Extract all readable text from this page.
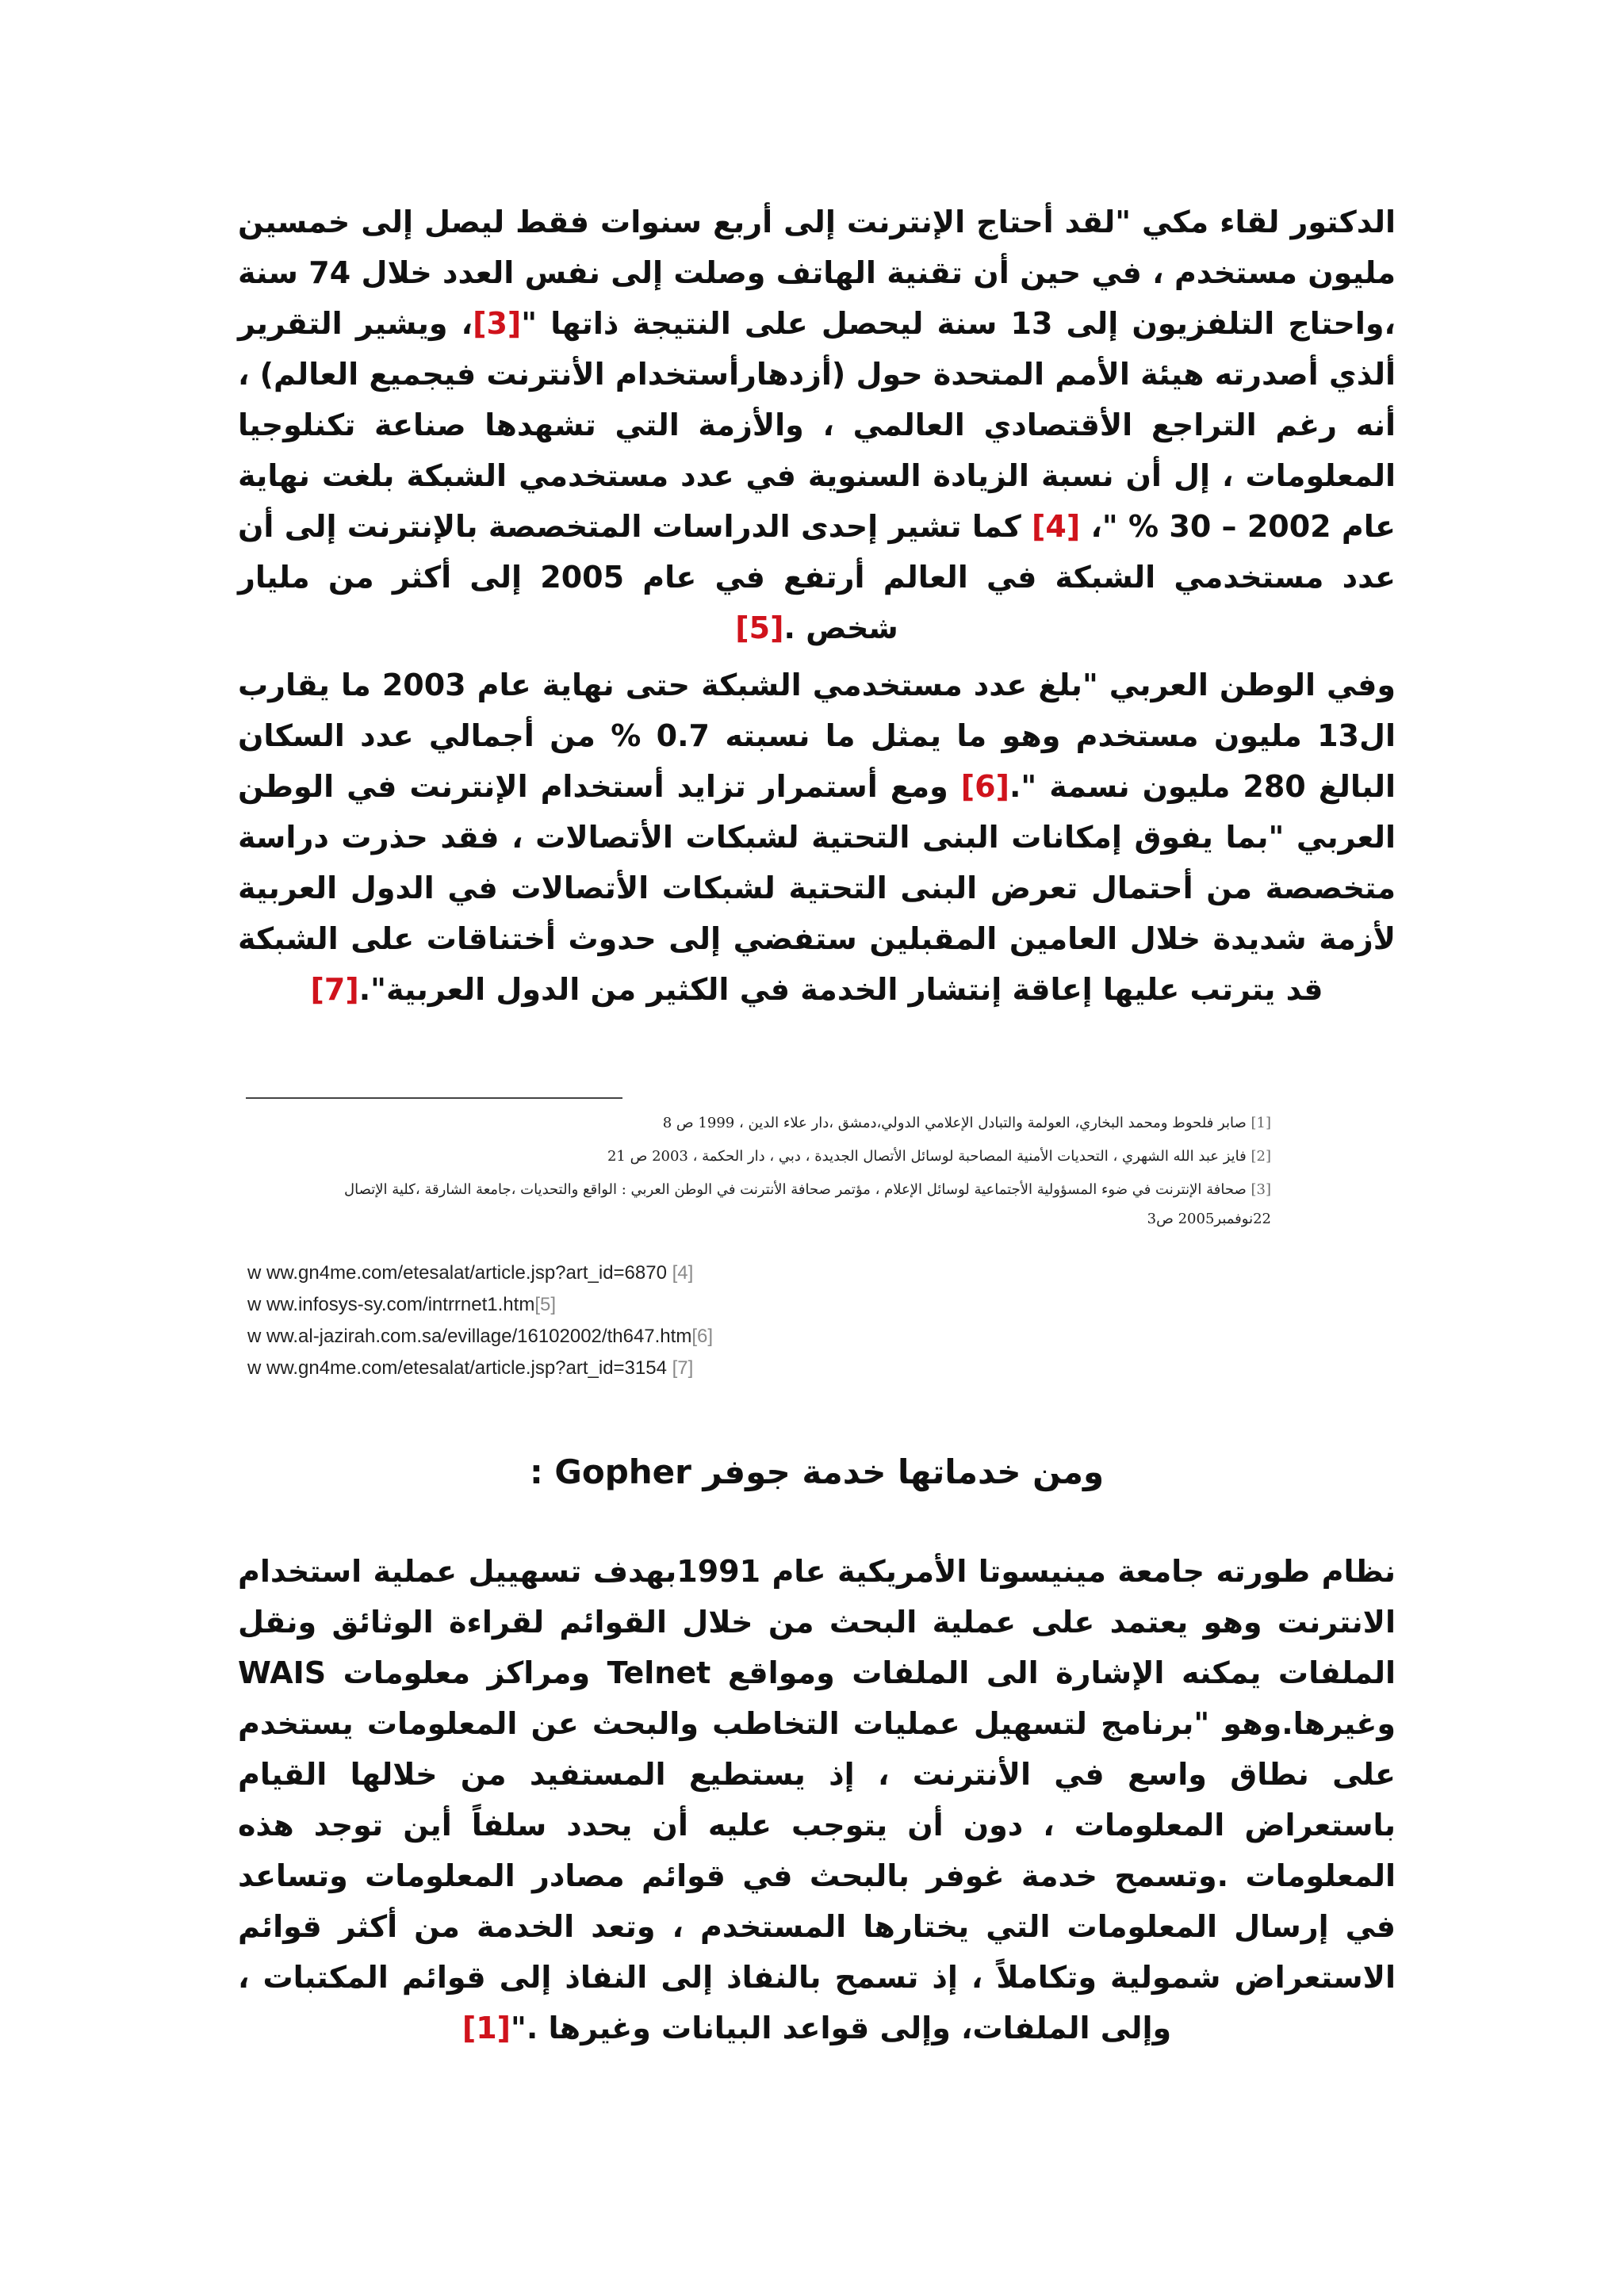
الدكتور لقاء مكي "لقد أحتاج الإنترنت إلى أربع سنوات فقط ليصل إلى خمسين مليون مستخدم ، في حين أن تقنية الهاتف وصلت إلى نفس العدد خلال 74 سنة ،واحتاج التلفزيون إلى 13 سنة ليحصل على النتيجة ذاتها "[3]، ويشير التقرير ألذي أصدرته هيئة الأمم المتحدة حول (أزدهارأستخدام الأنترنت فيجميع العالم) ، أنه رغم التراجع الأقتصادي العالمي ، والأزمة التي تشهدها صناعة تكنلوجيا المعلومات ، إل أن نسبة الزيادة السنوية في عدد مستخدمي الشبكة بلغت نهاية عام 2002 – 30 % "، [4] كما تشير إحدى الدراسات المتخصصة بالإنترنت إلى أن عدد مستخدمي الشبكة في العالم أرتفع في عام 2005 إلى أكثر من مليار شخص .[5]
وفي الوطن العربي "بلغ عدد مستخدمي الشبكة حتى نهاية عام 2003 ما يقارب ال13 مليون مستخدم وهو ما يمثل ما نسبته 0.7 % من أجمالي عدد السكان البالغ 280 مليون نسمة ".[6] ومع أستمرار تزايد أستخدام الإنترنت في الوطن العربي "بما يفوق إمكانات البنى التحتية لشبكات الأتصالات ، فقد حذرت دراسة متخصصة من أحتمال تعرض البنى التحتية لشبكات الأتصالات في الدول العربية لأزمة شديدة خلال العامين المقبلين ستفضي إلى حدوث أختناقات على الشبكة قد يترتب عليها إعاقة إنتشار الخدمة في الكثير من الدول العربية".[7]
[1] صابر فلحوط ومحمد البخاري، العولمة والتبادل الإعلامي الدولي،دمشق ،دار علاء الدين ، 1999 ص 8
[2] فايز عبد الله الشهري ، التحديات الأمنية المصاحبة لوسائل الأتصال الجديدة ، دبي ، دار الحكمة ، 2003 ص 21
[3] صحافة الإنترنت في ضوء المسؤولية الأجتماعية لوسائل الإعلام ، مؤتمر صحافة الأنترنت في الوطن العربي : الواقع والتحديات ،جامعة الشارقة ،كلية الإتصال
22نوفمبر2005 ص3
w ww.gn4me.com/etesalat/article.jsp?art_id=6870 [4]
w ww.infosys-sy.com/intrrnet1.htm[5]
w ww.al-jazirah.com.sa/evillage/16102002/th647.htm[6]
w ww.gn4me.com/etesalat/article.jsp?art_id=3154 [7]
ومن خدماتها خدمة جوفر Gopher :
نظام طورته جامعة مينيسوتا الأمريكية عام 1991بهدف تسهييل عملية استخدام الانترنت وهو يعتمد على عملية البحث من خلال القوائم لقراءة الوثائق ونقل الملفات يمكنه الإشارة الى الملفات ومواقع Telnet ومراكز معلومات WAIS وغيرها.وهو "برنامج لتسهيل عمليات التخاطب والبحث عن المعلومات يستخدم على نطاق واسع في الأنترنت ، إذ يستطيع المستفيد من خلالها القيام باستعراض المعلومات ، دون أن يتوجب عليه أن يحدد سلفاً أين توجد هذه المعلومات .وتسمح خدمة غوفر بالبحث في قوائم مصادر المعلومات وتساعد في إرسال المعلومات التي يختارها المستخدم ، وتعد الخدمة من أكثر قوائم الاستعراض شمولية وتكاملاً ، إذ تسمح بالنفاذ إلى النفاذ إلى قوائم المكتبات ، وإلى الملفات، وإلى قواعد البيانات وغيرها ."[1]
